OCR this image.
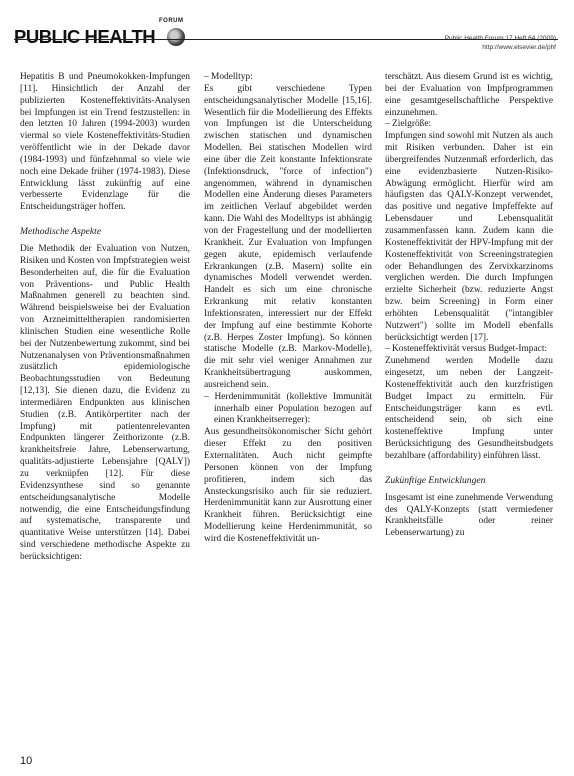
FORUM
PUBLIC HEALTH	Public Health Forum 17 Heft 64 (2009)
http://www.elsevier.de/phf

Hepatitis B und Pneumokokken-Impfungen [11]. Hinsichtlich der Anzahl der publizierten Kosteneffektivitäts-Analysen bei Impfungen ist ein Trend festzustellen: in den letzten 10 Jahren (1994-2003) wurden viermal so viele Kosteneffektivitäts-Studien veröffentlicht wie in der Dekade davor (1984-1993) und fünfzehnmal so viele wie noch eine Dekade früher (1974-1983). Diese Entwicklung lässt zukünftig auf eine verbesserte Evidenzlage für die Entscheidungsträger hoffen.

Methodische Aspekte

Die Methodik der Evaluation von Nutzen, Risiken und Kosten von Impfstrategien weist Besonderheiten auf, die für die Evaluation von Präventions- und Public Health Maßnahmen generell zu beachten sind. Während beispielsweise bei der Evaluation von Arzneimitteltherapien randomisierten klinischen Studien eine wesentliche Rolle bei der Nutzenbewertung zukommt, sind bei Nutzenanalysen von Präventionsmaßnahmen zusätzlich epidemiologische Beobachtungsstudien von Bedeutung [12,13]. Sie dienen dazu, die Evidenz zu intermediären Endpunkten aus klinischen Studien (z.B. Antikörpertiter nach der Impfung) mit patientenrelevanten Endpunkten längerer Zeithorizonte (z.B. krankheitsfreie Jahre, Lebenserwartung, qualitäts-adjustierte Lebensjahre [QALY]) zu verknüpfen [12]. Für diese Evidenzsynthese sind so genannte entscheidungsanalytische Modelle notwendig, die eine Entscheidungsfindung auf systematische, transparente und quantitative Weise unterstützen [14]. Dabei sind verschiedene methodische Aspekte zu berücksichtigen:

– Modelltyp:

Es gibt verschiedene Typen entscheidungsanalytischer Modelle [15,16]. Wesentlich für die Modellierung des Effekts von Impfungen ist die Unterscheidung zwischen statischen und dynamischen Modellen. Bei statischen Modellen wird eine über die Zeit konstante Infektionsrate (Infektionsdruck, "force of infection") angenommen, während in dynamischen Modellen eine Änderung dieses Parameters im zeitlichen Verlauf abgebildet werden kann. Die Wahl des Modelltyps ist abhängig von der Fragestellung und der modellierten Krankheit. Zur Evaluation von Impfungen gegen akute, epidemisch verlaufende Erkrankungen (z.B. Masern) sollte ein dynamisches Modell verwendet werden. Handelt es sich um eine chronische Erkrankung mit relativ konstanten Infektionsraten, interessiert nur der Effekt der Impfung auf eine bestimmte Kohorte (z.B. Herpes Zoster Impfung). So können statische Modelle (z.B. Markov-Modelle), die mit sehr viel weniger Annahmen zur Krankheitsübertragung auskommen, ausreichend sein.

– Herdenimmunität (kollektive Immunität innerhalb einer Population bezogen auf einen Krankheitserreger):

Aus gesundheitsökonomischer Sicht gehört dieser Effekt zu den positiven Externalitäten. Auch nicht geimpfte Personen können von der Impfung profitieren, indem sich das Ansteckungsrisiko auch für sie reduziert. Herdenimmunität kann zur Ausrottung einer Krankheit führen. Berücksichtigt eine Modellierung keine Herdenimmunität, so wird die Kosteneffektivität un-

terschätzt. Aus diesem Grund ist es wichtig, bei der Evaluation von Impfprogrammen eine gesamtgesellschaftliche Perspektive einzunehmen.

– Zielgröße:

Impfungen sind sowohl mit Nutzen als auch mit Risiken verbunden. Daher ist ein übergreifendes Nutzenmaß erforderlich, das eine evidenzbasierte Nutzen-Risiko-Abwägung ermöglicht. Hierfür wird am häufigsten das QALY-Konzept verwendet, das positive und negative Impfeffekte auf Lebensdauer und Lebensqualität zusammenfassen kann. Zudem kann die Kosteneffektivität der HPV-Impfung mit der Kosteneffektivität von Screeningstrategien oder Behandlungen des Zervixkarzinoms verglichen werden. Die durch Impfungen erzielte Sicherheit (bzw. reduzierte Angst bzw. beim Screening) in Form einer erhöhten Lebensqualität ("intangibler Nutzwert") sollte im Modell ebenfalls berücksichtigt werden [17].

– Kosteneffektivität versus Budget-Impact:

Zunehmend werden Modelle dazu eingesetzt, um neben der Langzeit-Kosteneffektivität auch den kurzfristigen Budget Impact zu ermitteln. Für Entscheidungsträger kann es evtl. entscheidend sein, ob sich eine kosteneffektive Impfung unter Berücksichtigung des Gesundheitsbudgets bezahlbare (affordability) einführen lässt.

Zukünftige Entwicklungen

Insgesamt ist eine zunehmende Verwendung des QALY-Konzepts (statt vermiedener Krankheitsfälle oder reiner Lebenserwartung) zu

10
